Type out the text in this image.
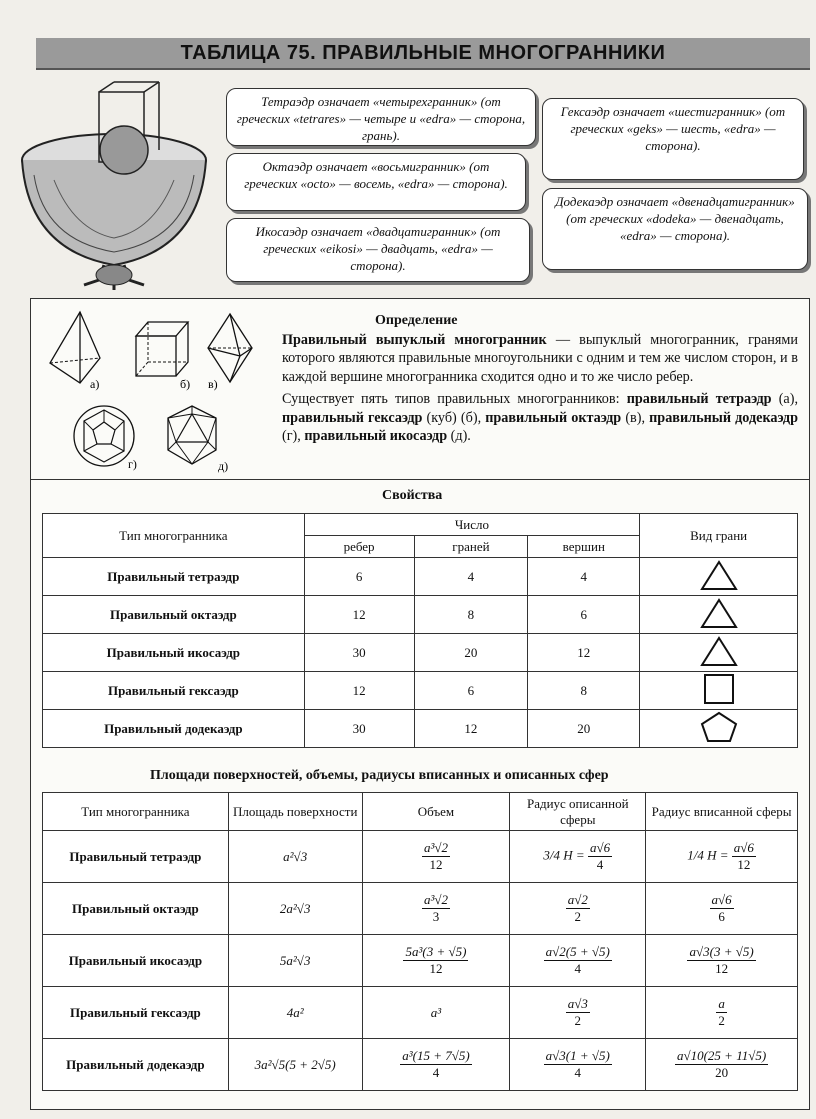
ТАБЛИЦА 75. ПРАВИЛЬНЫЕ МНОГОГРАННИКИ
Тетраэдр означает «четырехгранник» (от греческих «tetrares» — четыре и «edra» — сторона, грань).
Октаэдр означает «восьмигранник» (от греческих «octo» — восемь, «edra» — сторона).
Икосаэдр означает «двадцатигранник» (от греческих «eikosi» — двадцать, «edra» — сторона).
Гексаэдр означает «шестигранник» (от греческих «geks» — шесть, «edra» — сторона).
Додекаэдр означает «двенадцатигранник» (от греческих «dodeka» — двенадцать, «edra» — сторона).
а)	б) в)
г)	д)
Определение

Правильный выпуклый многогранник — выпуклый многогранник, гранями которого являются правильные многоугольники с одним и тем же числом сторон, и в каждой вершине многогранника сходится одно и то же число ребер.

Существует пять типов правильных многогранников: правильный тетраэдр (а), правильный гексаэдр (куб) (б), правильный октаэдр (в), правильный додекаэдр (г), правильный икосаэдр (д).

Свойства
Тип многогранника	Число			Вид грани
	ребер	граней	вершин	
Правильный тетраэдр	6	4	4	
Правильный октаэдр	12	8	6	
Правильный икосаэдр	30	20	12	
Правильный гексаэдр	12	6	8	
Правильный додекаэдр	30	12	20	
Площади поверхностей, объемы, радиусы вписанных и описанных сфер
Тип многогранника	Площадь поверхности	Объем	Радиус описанной сферы	Радиус вписанной сферы
Правильный тетраэдр	a²√3	$\frac{\text{a³√2}}{12}$	3/4 $H = \frac{a√6}{4}$	1/4 $H = \frac{a√6}{12}$

Правильный октаэдр	2a²√3	$\frac{\text{a³√2}}{3}$	$\frac{a√2}{2}$	$\frac{a√6}{6}$

Правильный икосаэдр	5a²√3	$\frac{\text{5a³(3 + √5)}}{12}$	$\frac{a√2(5 + √5)}{4}$	$\frac{a√3(3 + √5)}{12}$

Правильный гексаэдр	4a²	a³	$\frac{a√3}{2}$	$\frac{a}{2}$

Правильный додекаэдр	3a²√5(5 + 2√5)	$\frac{\text{a³(15 + 7√5)}}{4}$	$\frac{a√3(1 + √5)}{4}$	$\frac{a√10(25 + 11√5)}{20}$
